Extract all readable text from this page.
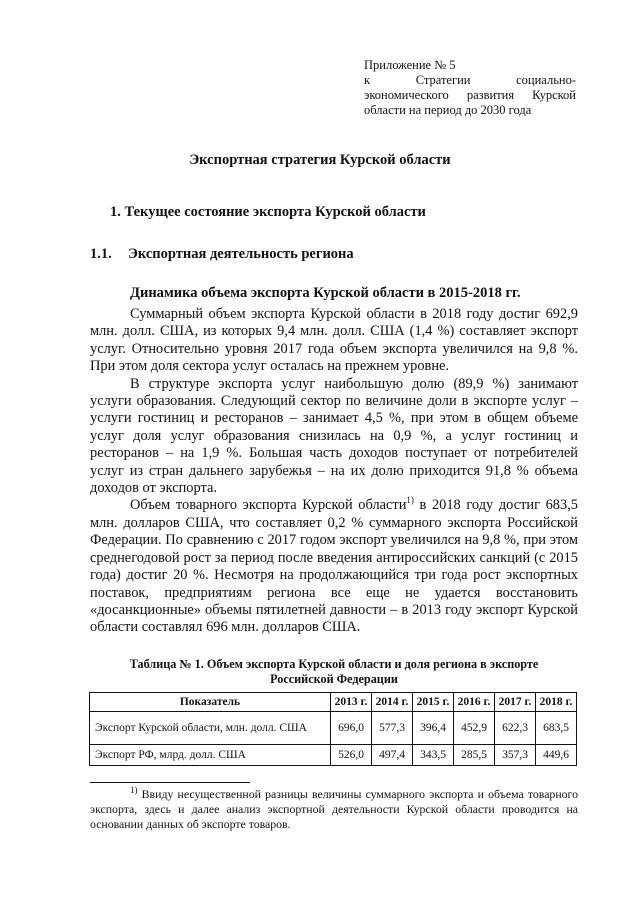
Приложение № 5
к Стратегии социально-
экономического развития Курской
области на период до 2030 года
Экспортная стратегия Курской области
1. Текущее состояние экспорта Курской области
1.1. Экспортная деятельность региона
Динамика объема экспорта Курской области в 2015-2018 гг.

Суммарный объем экспорта Курской области в 2018 году достиг 692,9 млн. долл. США, из которых 9,4 млн. долл. США (1,4 %) составляет экспорт услуг. Относительно уровня 2017 года объем экспорта увеличился на 9,8 %. При этом доля сектора услуг осталась на прежнем уровне.

В структуре экспорта услуг наибольшую долю (89,9 %) занимают услуги образования. Следующий сектор по величине доли в экспорте услуг – услуги гостиниц и ресторанов – занимает 4,5 %, при этом в общем объеме услуг доля услуг образования снизилась на 0,9 %, а услуг гостиниц и ресторанов – на 1,9 %. Большая часть доходов поступает от потребителей услуг из стран дальнего зарубежья – на их долю приходится 91,8 % объема доходов от экспорта.

Объем товарного экспорта Курской области$^{1)}$ в 2018 году достиг 683,5 млн. долларов США, что составляет 0,2 % суммарного экспорта Российской Федерации. По сравнению с 2017 годом экспорт увеличился на 9,8 %, при этом среднегодовой рост за период после введения антироссийских санкций (с 2015 года) достиг 20 %. Несмотря на продолжающийся три года рост экспортных поставок, предприятиям региона все еще не удается восстановить «досанкционные» объемы пятилетней давности – в 2013 году экспорт Курской области составлял 696 млн. долларов США.

Таблица № 1. Объем экспорта Курской области и доля региона в экспорте
Российской Федерации
Показатель	2013 г.	2014 г.	2015 г.	2016 г.	2017 г.	2018 г.
Экспорт Курской области, млн. долл. США	696,0	577,3	396,4	452,9	622,3	683,5
Экспорт РФ, млрд. долл. США	526,0	497,4	343,5	285,5	357,3	449,6
$^{1)}$ Ввиду несущественной разницы величины суммарного экспорта и объема товарного экспорта, здесь и далее анализ экспортной деятельности Курской области проводится на основании данных об экспорте товаров.
